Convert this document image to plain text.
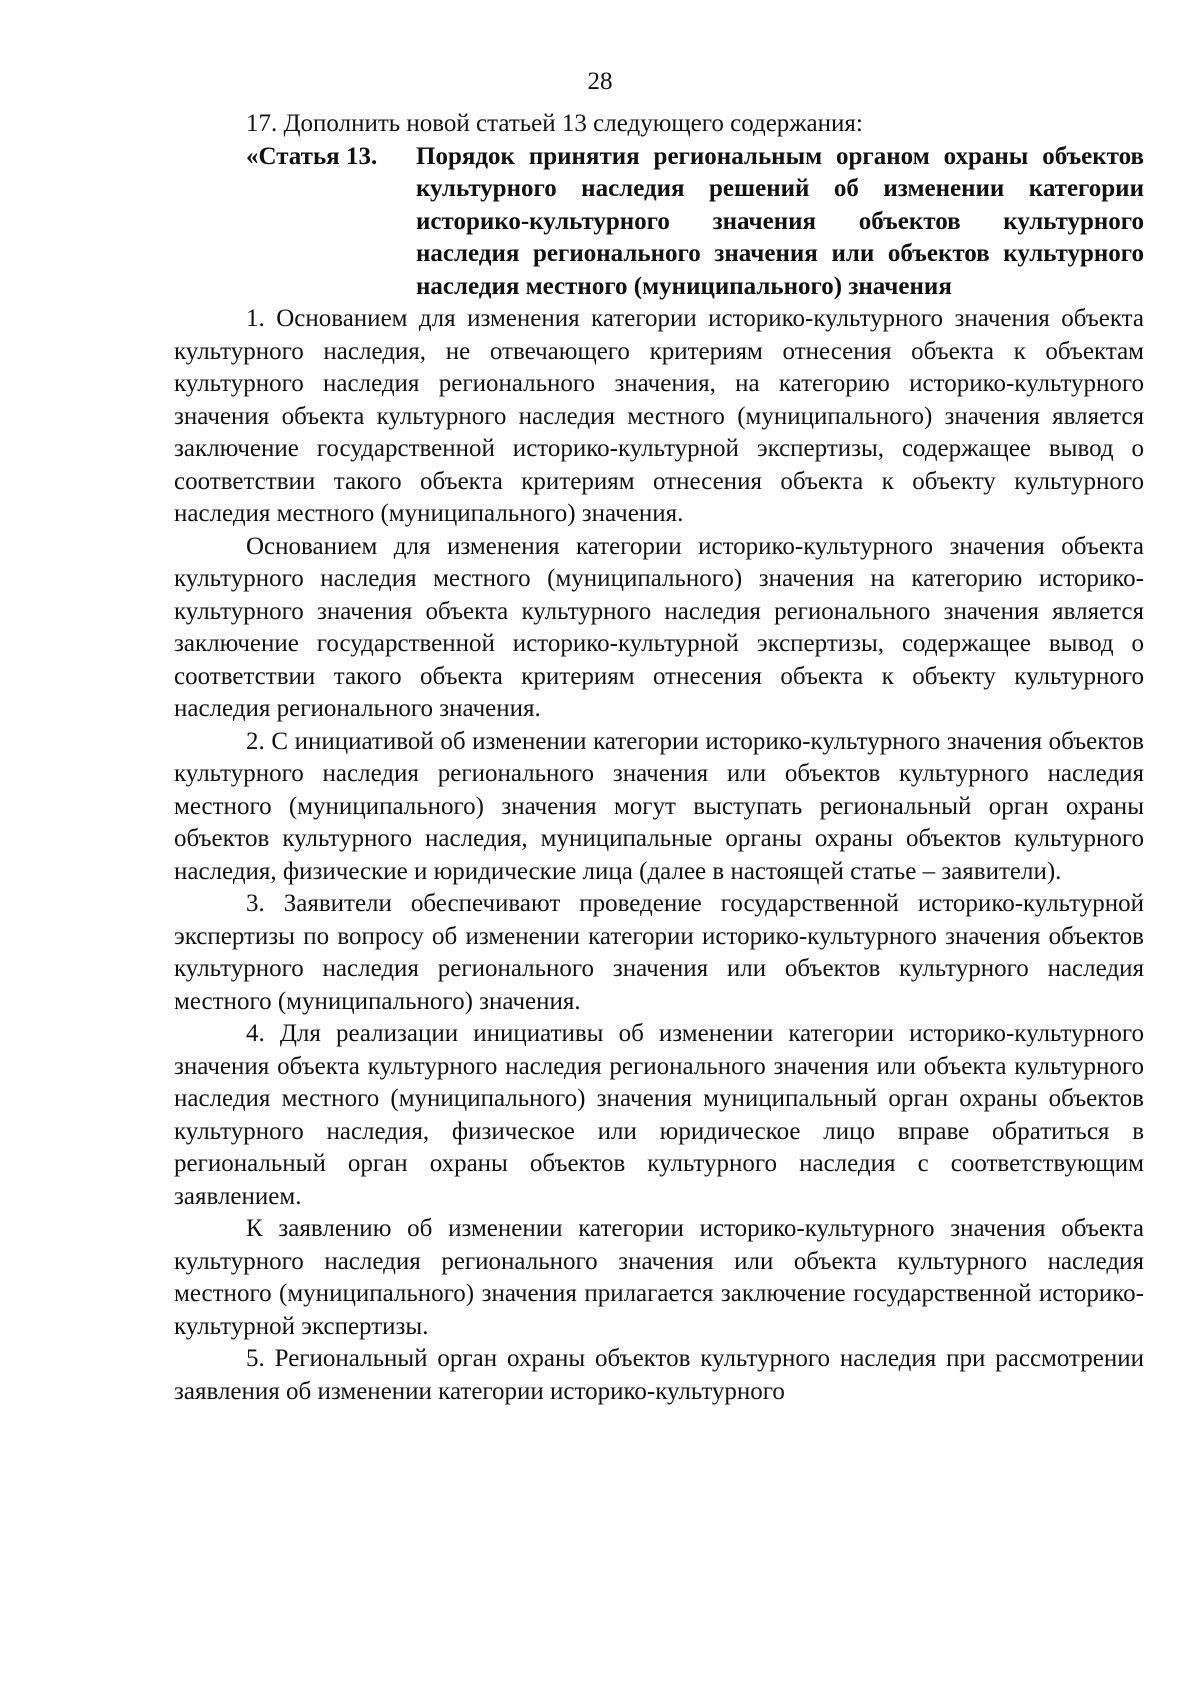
28

17. Дополнить новой статьей 13 следующего содержания:

«Статья 13.	Порядок принятия региональным органом охраны объектов культурного наследия решений об изменении категории историко-культурного значения объектов культурного наследия регионального значения или объектов культурного наследия местного (муниципального) значения

1. Основанием для изменения категории историко-культурного значения объекта культурного наследия, не отвечающего критериям отнесения объекта к объектам культурного наследия регионального значения, на категорию историко-культурного значения объекта культурного наследия местного (муниципального) значения является заключение государственной историко-культурной экспертизы, содержащее вывод о соответствии такого объекта критериям отнесения объекта к объекту культурного наследия местного (муниципального) значения.

Основанием для изменения категории историко-культурного значения объекта культурного наследия местного (муниципального) значения на категорию историко-культурного значения объекта культурного наследия регионального значения является заключение государственной историко-культурной экспертизы, содержащее вывод о соответствии такого объекта критериям отнесения объекта к объекту культурного наследия регионального значения.

2. С инициативой об изменении категории историко-культурного значения объектов культурного наследия регионального значения или объектов культурного наследия местного (муниципального) значения могут выступать региональный орган охраны объектов культурного наследия, муниципальные органы охраны объектов культурного наследия, физические и юридические лица (далее в настоящей статье – заявители).

3. Заявители обеспечивают проведение государственной историко-культурной экспертизы по вопросу об изменении категории историко-культурного значения объектов культурного наследия регионального значения или объектов культурного наследия местного (муниципального) значения.

4. Для реализации инициативы об изменении категории историко-культурного значения объекта культурного наследия регионального значения или объекта культурного наследия местного (муниципального) значения муниципальный орган охраны объектов культурного наследия, физическое или юридическое лицо вправе обратиться в региональный орган охраны объектов культурного наследия с соответствующим заявлением.

К заявлению об изменении категории историко-культурного значения объекта культурного наследия регионального значения или объекта культурного наследия местного (муниципального) значения прилагается заключение государственной историко-культурной экспертизы.

5. Региональный орган охраны объектов культурного наследия при рассмотрении заявления об изменении категории историко-культурного
